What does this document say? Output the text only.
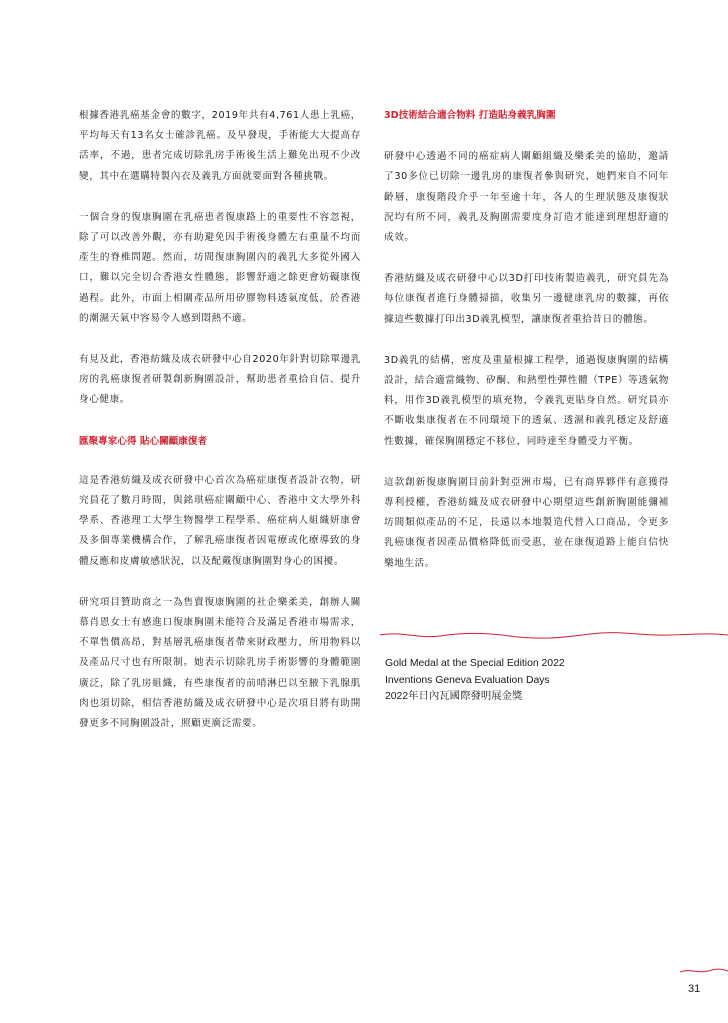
根據香港乳癌基金會的數字，2019年共有4,761人患上乳癌，平均每天有13名女士確診乳癌。及早發現，手術能大大提高存活率，不過，患者完成切除乳房手術後生活上難免出現不少改變，其中在選購特製內衣及義乳方面就要面對各種挑戰。

一個合身的復康胸圍在乳癌患者復康路上的重要性不容忽視，除了可以改善外觀，亦有助避免因手術後身體左右重量不均而產生的脊椎問題。然而，坊間復康胸圍內的義乳大多從外國入口，難以完全切合香港女性體態，影響舒適之餘更會妨礙康復過程。此外，市面上相關產品所用矽膠物料透氣度低，於香港的潮濕天氣中容易令人感到悶熱不適。

有見及此，香港紡織及成衣研發中心自2020年針對切除單邊乳房的乳癌康復者研製創新胸圍設計，幫助患者重拾自信、提升身心健康。

匯聚專家心得 貼心關顧康復者

這是香港紡織及成衣研發中心首次為癌症康復者設計衣物，研究員花了數月時間，與銘琪癌症關顧中心、香港中文大學外科學系、香港理工大學生物醫學工程學系、癌症病人組織妍康會及多個專業機構合作，了解乳癌康復者因電療或化療導致的身體反應和皮膚敏感狀況，以及配戴復康胸圍對身心的困擾。

研究項目贊助商之一為售賣復康胸圍的社企樂柔美，創辦人關慕肖恩女士有感進口復康胸圍未能符合及滿足香港市場需求，不單售價高昂，對基層乳癌康復者帶來財政壓力，所用物料以及產品尺寸也有所限制。她表示切除乳房手術影響的身體範圍廣泛，除了乳房組織，有些康復者的前哨淋巴以至腋下乳腺肌肉也須切除，相信香港紡織及成衣研發中心是次項目將有助開發更多不同胸圍設計，照顧更廣泛需要。

3D技術結合適合物料 打造貼身義乳胸圍

研發中心透過不同的癌症病人關顧組織及樂柔美的協助，邀請了30多位已切除一邊乳房的康復者參與研究，她們來自不同年齡層，康復階段介乎一年至逾十年，各人的生理狀態及康復狀況均有所不同，義乳及胸圍需要度身訂造才能達到理想舒適的成效。

香港紡織及成衣研發中心以3D打印技術製造義乳，研究員先為每位康復者進行身體掃描，收集另一邊健康乳房的數據，再依據這些數據打印出3D義乳模型，讓康復者重拾昔日的體態。

3D義乳的結構，密度及重量根據工程學，通過復康胸圍的結構設計，結合適當織物、矽酮、和熱塑性彈性體（TPE）等透氣物料，用作3D義乳模型的填充物，令義乳更貼身自然。研究員亦不斷收集康復者在不同環境下的透氣、透濕和義乳穩定及舒適性數據，確保胸圍穩定不移位，同時達至身體受力平衡。

這款創新復康胸圍目前針對亞洲市場，已有商界夥伴有意獲得專利授權，香港紡織及成衣研發中心期望這些創新胸圍能彌補坊間類似產品的不足，長遠以本地製造代替入口商品，令更多乳癌康復者因產品價格降低而受惠，並在康復道路上能自信快樂地生活。

Gold Medal at the Special Edition 2022
Inventions Geneva Evaluation Days
2022年日內瓦國際發明展金獎
31
